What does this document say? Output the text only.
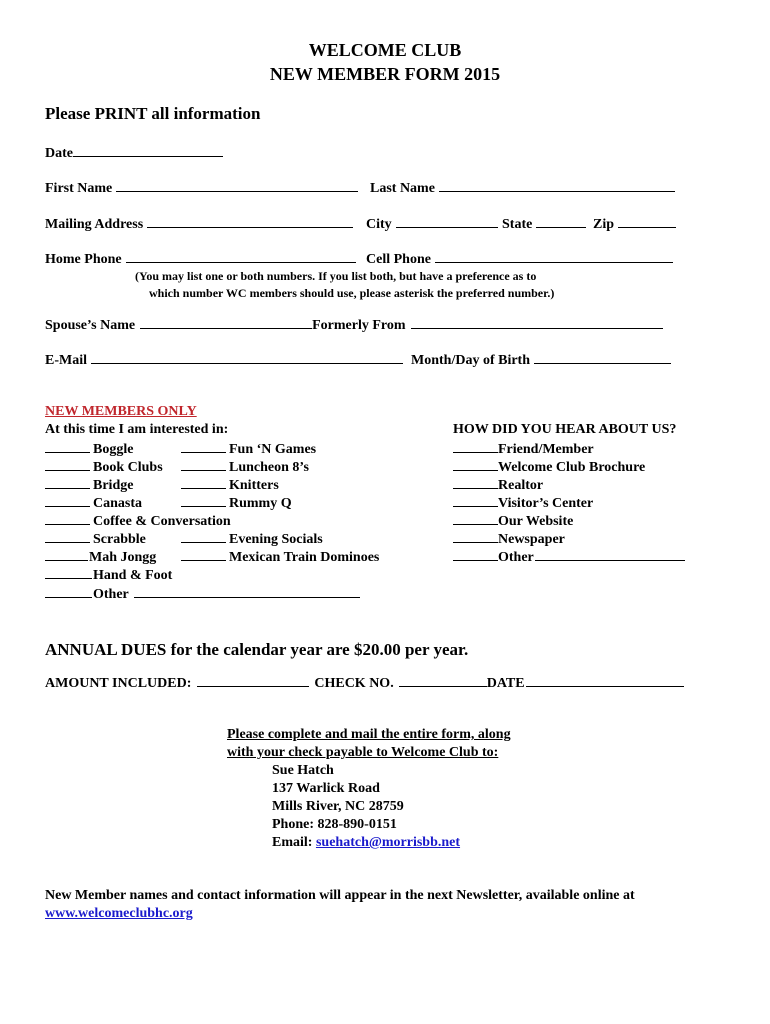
WELCOME CLUB
NEW MEMBER FORM 2015
Please PRINT all information
Date
First Name	Last Name
Mailing Address	City	State	Zip
Home Phone	Cell Phone
(You may list one or both numbers. If you list both, but have a preference as to
which number WC members should use, please asterisk the preferred number.)
Spouse’s Name	Formerly From
E-Mail	Month/Day of Birth
NEW MEMBERS ONLY
At this time I am interested in:
Boggle
Book Clubs
Bridge
Canasta
Coffee & Conversation
Scrabble
Mah Jongg
Hand & Foot
Other
Fun ‘N Games
Luncheon 8’s
Knitters
Rummy Q
Evening Socials
Mexican Train Dominoes
HOW DID YOU HEAR ABOUT US?
Friend/Member
Welcome Club Brochure
Realtor
Visitor’s Center
Our Website
Newspaper
Other
ANNUAL DUES for the calendar year are $20.00 per year.
AMOUNT INCLUDED:	CHECK NO.	DATE
Please complete and mail the entire form, along
with your check payable to Welcome Club to:
Sue Hatch
137 Warlick Road
Mills River, NC 28759
Phone: 828-890-0151
Email: suehatch@morrisbb.net
New Member names and contact information will appear in the next Newsletter, available online at
www.welcomeclubhc.org
